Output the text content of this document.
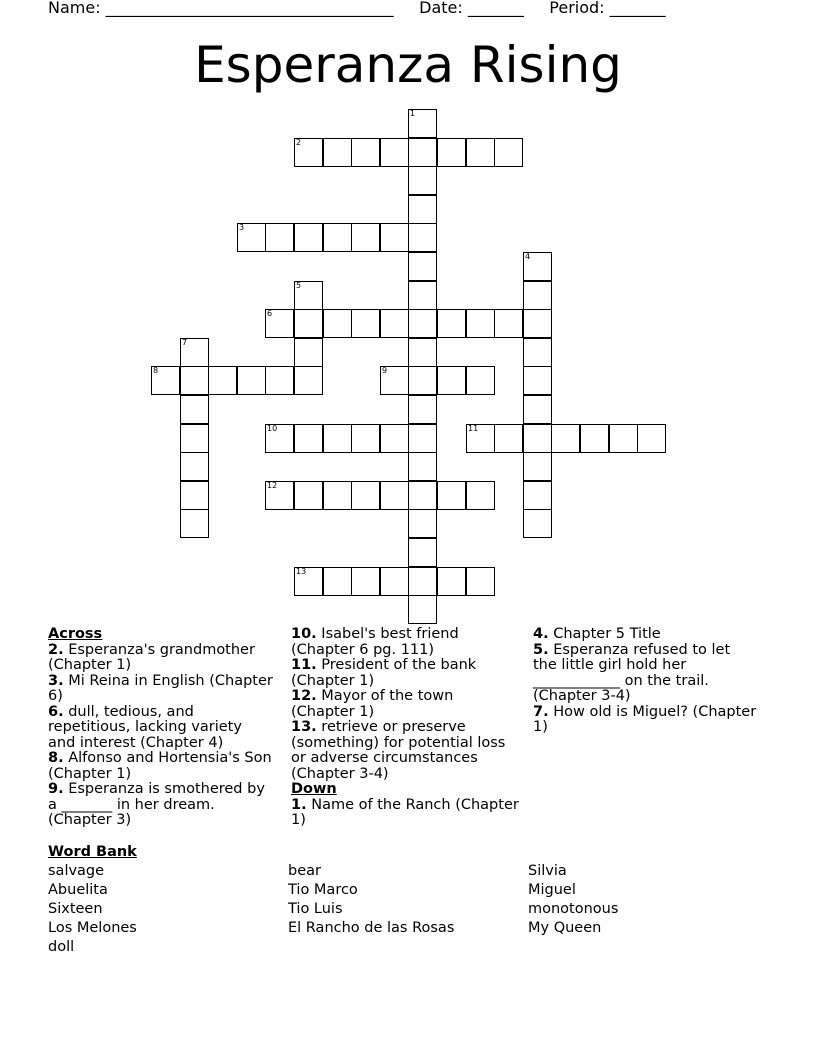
Name: ____________________________________ Date: _______ Period: _______
Esperanza Rising
1
2
3
4
5
6
7
8	9
10	11
12
13
Across
2. Esperanza's grandmother (Chapter 1)
3. Mi Reina in English (Chapter 6)
6. dull, tedious, and repetitious, lacking variety and interest (Chapter 4)
8. Alfonso and Hortensia's Son (Chapter 1)
9. Esperanza is smothered by a _______ in her dream. (Chapter 3)
10. Isabel's best friend (Chapter 6 pg. 111)
11. President of the bank (Chapter 1)
12. Mayor of the town (Chapter 1)
13. retrieve or preserve (something) for potential loss or adverse circumstances (Chapter 3-4)
Down
1. Name of the Ranch (Chapter 1)
4. Chapter 5 Title
5. Esperanza refused to let the little girl hold her ____________ on the trail. (Chapter 3-4)
7. How old is Miguel? (Chapter 1)
Word Bank
salvage
Abuelita
Sixteen
Los Melones
doll
bear
Tio Marco
Tio Luis
El Rancho de las Rosas
Silvia
Miguel
monotonous
My Queen
